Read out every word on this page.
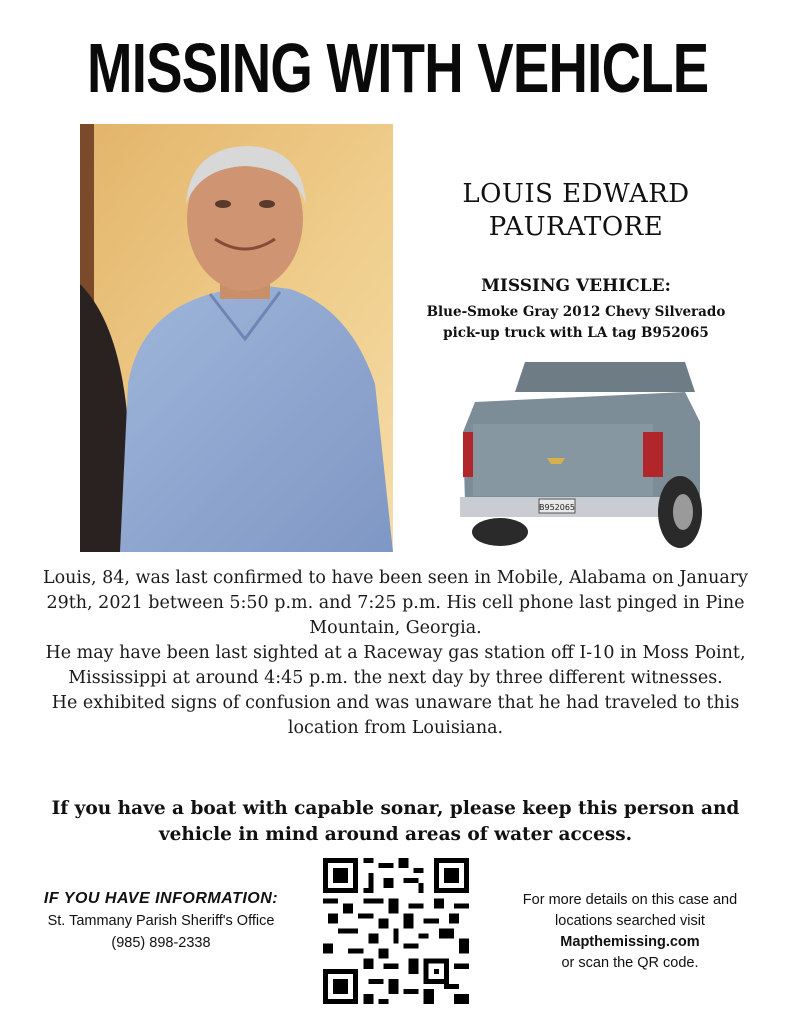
MISSING WITH VEHICLE
LOUIS EDWARD
PAURATORE
MISSING VEHICLE:
Blue-Smoke Gray 2012 Chevy Silverado
pick-up truck with LA tag B952065
B952065

Louis, 84, was last confirmed to have been seen in Mobile, Alabama on January 29th, 2021 between 5:50 p.m. and 7:25 p.m. His cell phone last pinged in Pine Mountain, Georgia.

He may have been last sighted at a Raceway gas station off I-10 in Moss Point, Mississippi at around 4:45 p.m. the next day by three different witnesses.

He exhibited signs of confusion and was unaware that he had traveled to this location from Louisiana.

If you have a boat with capable sonar, please keep this person and
vehicle in mind around areas of water access.
IF YOU HAVE INFORMATION:
St. Tammany Parish Sheriff's Office
(985) 898-2338
For more details on this case and
locations searched visit
Mapthemissing.com
or scan the QR code.
